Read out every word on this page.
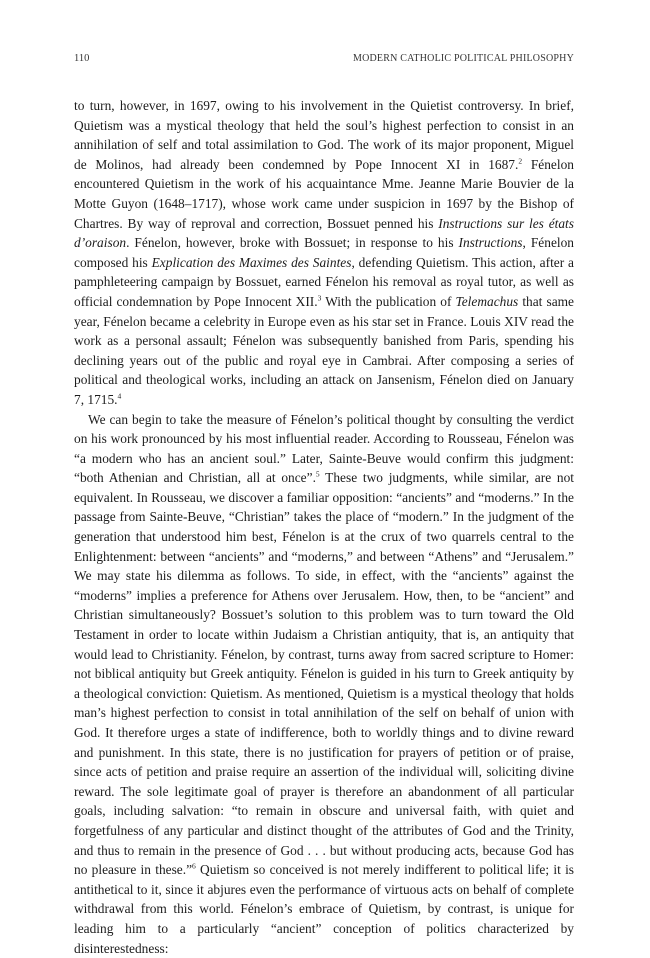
110	MODERN CATHOLIC POLITICAL PHILOSOPHY

to turn, however, in 1697, owing to his involvement in the Quietist controversy. In brief, Quietism was a mystical theology that held the soul’s highest perfection to consist in an annihilation of self and total assimilation to God. The work of its major proponent, Miguel de Molinos, had already been condemned by Pope Innocent XI in 1687.$^2$ Fénelon encountered Quietism in the work of his acquaintance Mme. Jeanne Marie Bouvier de la Motte Guyon (1648–1717), whose work came under suspicion in 1697 by the Bishop of Chartres. By way of reproval and correction, Bossuet penned his Instructions sur les états d’oraison. Fénelon, however, broke with Bossuet; in response to his Instructions, Fénelon composed his Explication des Maximes des Saintes, defending Quietism. This action, after a pamphleteering campaign by Bossuet, earned Fénelon his removal as royal tutor, as well as official condemnation by Pope Innocent XII.$^3$ With the publication of Telemachus that same year, Fénelon became a celebrity in Europe even as his star set in France. Louis XIV read the work as a personal assault; Fénelon was subsequently banished from Paris, spending his declining years out of the public and royal eye in Cambrai. After composing a series of political and theological works, including an attack on Jansenism, Fénelon died on January 7, 1715.$^4$

We can begin to take the measure of Fénelon’s political thought by consulting the verdict on his work pronounced by his most influential reader. According to Rousseau, Fénelon was “a modern who has an ancient soul.” Later, Sainte-Beuve would confirm this judgment: “both Athenian and Christian, all at once”.$^5$ These two judgments, while similar, are not equivalent. In Rousseau, we discover a familiar opposition: “ancients” and “moderns.” In the passage from Sainte-Beuve, “Christian” takes the place of “modern.” In the judgment of the generation that understood him best, Fénelon is at the crux of two quarrels central to the Enlightenment: between “ancients” and “moderns,” and between “Athens” and “Jerusalem.” We may state his dilemma as follows. To side, in effect, with the “ancients” against the “moderns” implies a preference for Athens over Jerusalem. How, then, to be “ancient” and Christian simultaneously? Bossuet’s solution to this problem was to turn toward the Old Testament in order to locate within Judaism a Christian antiquity, that is, an antiquity that would lead to Christianity. Fénelon, by contrast, turns away from sacred scripture to Homer: not biblical antiquity but Greek antiquity. Fénelon is guided in his turn to Greek antiquity by a theological conviction: Quietism. As mentioned, Quietism is a mystical theology that holds man’s highest perfection to consist in total annihilation of the self on behalf of union with God. It therefore urges a state of indifference, both to worldly things and to divine reward and punishment. In this state, there is no justification for prayers of petition or of praise, since acts of petition and praise require an assertion of the individual will, soliciting divine reward. The sole legitimate goal of prayer is therefore an abandonment of all particular goals, including salvation: “to remain in obscure and universal faith, with quiet and forgetfulness of any particular and distinct thought of the attributes of God and the Trinity, and thus to remain in the presence of God . . . but without producing acts, because God has no pleasure in these.”$^6$ Quietism so conceived is not merely indifferent to political life; it is antithetical to it, since it abjures even the performance of virtuous acts on behalf of complete withdrawal from this world. Fénelon’s embrace of Quietism, by contrast, is unique for leading him to a particularly “ancient” conception of politics characterized by disinterestedness:
